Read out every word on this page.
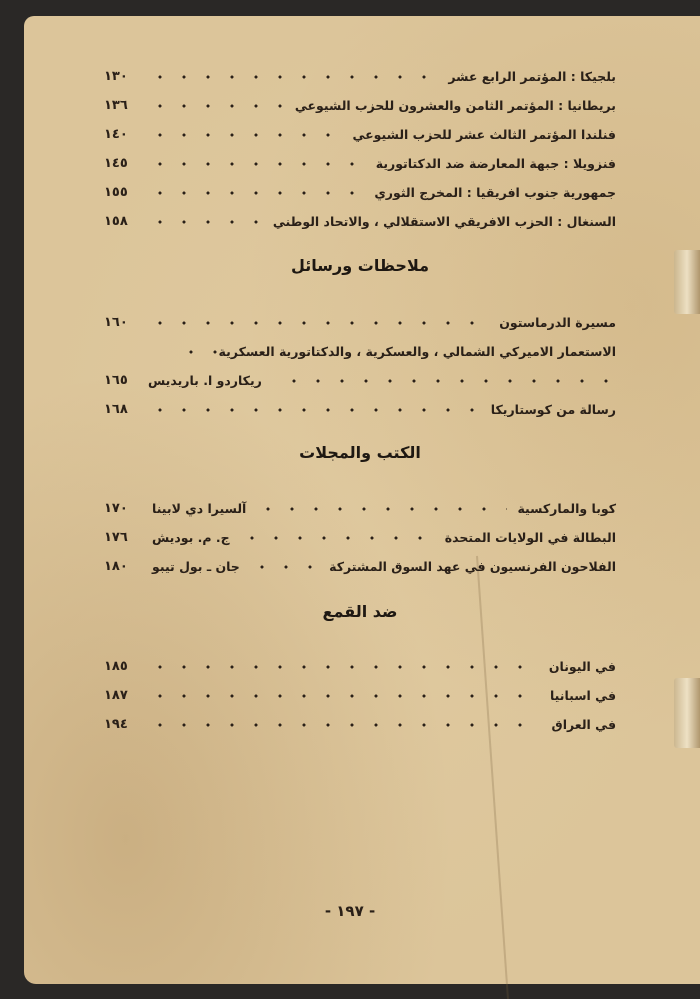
بلجيكا : المؤتمر الرابع عشر
١٣٠
بريطانيا : المؤتمر الثامن والعشرون للحزب الشيوعي
١٣٦
فنلندا المؤتمر الثالث عشر للحزب الشيوعي
١٤٠
فنزويلا : جبهة المعارضة ضد الدكتاتورية
١٤٥
جمهورية جنوب افريقيا : المخرج الثوري
١٥٥
السنغال : الحزب الافريقي الاستقلالي ، والاتحاد الوطني
١٥٨
ملاحظات ورسائل
مسيرة الدرماستون
١٦٠
الاستعمار الاميركي الشمالي ، والعسكرية ، والدكتاتورية العسكرية
ريكاردو ا. باريديس
١٦٥
رسالة من كوستاريكا
١٦٨
الكتب والمجلات
كوبا والماركسية
آلسيرا دي لابينا
١٧٠
البطالة في الولايات المتحدة
ج. م. بوديش
١٧٦
الفلاحون الفرنسيون في عهد السوق المشتركة
جان ـ بول تيبو
١٨٠
ضد القمع
في اليونان
١٨٥
في اسبانيا
١٨٧
في العراق
١٩٤
- ١٩٧ -
